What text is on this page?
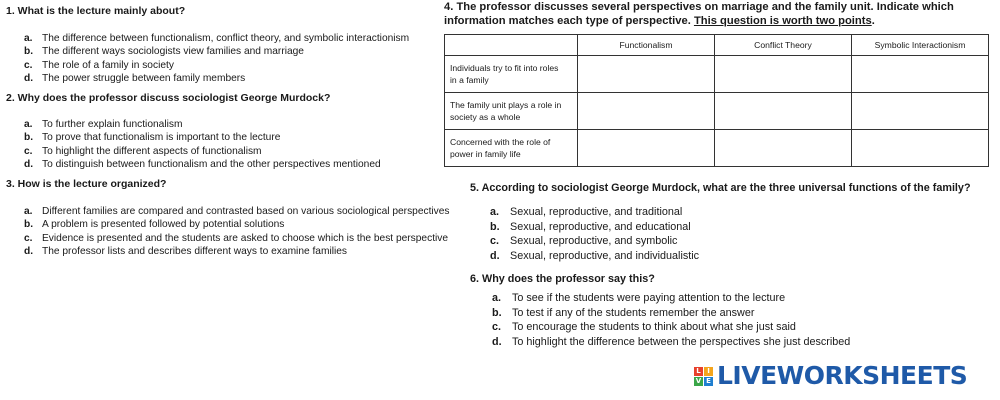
1. What is the lecture mainly about?
a. The difference between functionalism, conflict theory, and symbolic interactionism
b. The different ways sociologists view families and marriage
c. The role of a family in society
d. The power struggle between family members
2. Why does the professor discuss sociologist George Murdock?
a. To further explain functionalism
b. To prove that functionalism is important to the lecture
c. To highlight the different aspects of functionalism
d. To distinguish between functionalism and the other perspectives mentioned
3. How is the lecture organized?
a. Different families are compared and contrasted based on various sociological perspectives
b. A problem is presented followed by potential solutions
c. Evidence is presented and the students are asked to choose which is the best perspective
d. The professor lists and describes different ways to examine families
4. The professor discusses several perspectives on marriage and the family unit. Indicate which
information matches each type of perspective. This question is worth two points.
	Functionalism	Conflict Theory	Symbolic Interactionism
Individuals try to fit into roles
in a family			
The family unit plays a role in
society as a whole			
Concerned with the role of
power in family life			
5. According to sociologist George Murdock, what are the three universal functions of the family?
a.	Sexual, reproductive, and traditional
b. Sexual, reproductive, and educational
c.	Sexual, reproductive, and symbolic
d. Sexual, reproductive, and individualistic
6. Why does the professor say this?
a.	To see if the students were paying attention to the lecture
b. To test if any of the students remember the answer
c.	To encourage the students to think about what she just said
d. To highlight the difference between the perspectives she just described
L I
V E LIVEWORKSHEETS
